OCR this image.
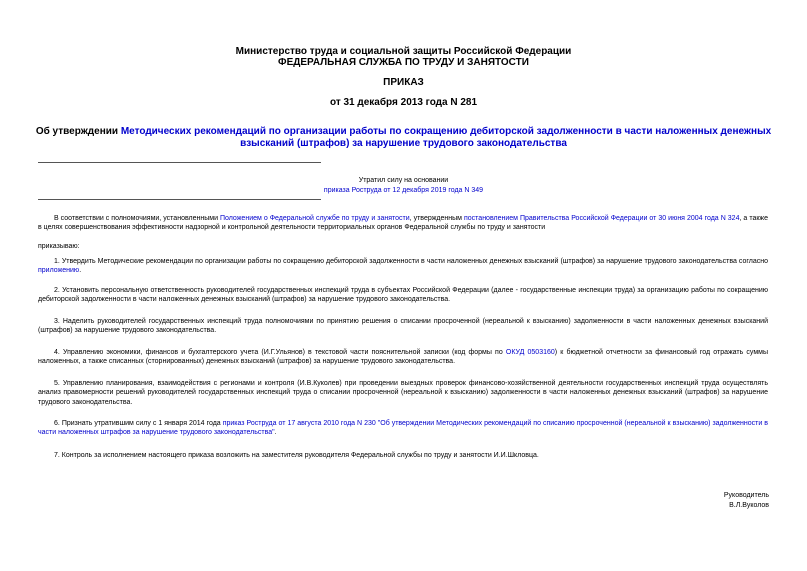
Министерство труда и социальной защиты Российской Федерации
ФЕДЕРАЛЬНАЯ СЛУЖБА ПО ТРУДУ И ЗАНЯТОСТИ
ПРИКАЗ
от 31 декабря 2013 года N 281
Об утверждении Методических рекомендаций по организации работы по сокращению дебиторской задолженности в части наложенных денежных взысканий (штрафов) за нарушение трудового законодательства
Утратил силу на основании
приказа Роструда от 12 декабря 2019 года N 349
В соответствии с полномочиями, установленными Положением о Федеральной службе по труду и занятости, утвержденным постановлением Правительства Российской Федерации от 30 июня 2004 года N 324, а также в целях совершенствования эффективности надзорной и контрольной деятельности территориальных органов Федеральной службы по труду и занятости
приказываю:
1. Утвердить Методические рекомендации по организации работы по сокращению дебиторской задолженности в части наложенных денежных взысканий (штрафов) за нарушение трудового законодательства согласно приложению.
2. Установить персональную ответственность руководителей государственных инспекций труда в субъектах Российской Федерации (далее - государственные инспекции труда) за организацию работы по сокращению дебиторской задолженности в части наложенных денежных взысканий (штрафов) за нарушение трудового законодательства.
3. Наделить руководителей государственных инспекций труда полномочиями по принятию решения о списании просроченной (нереальной к взысканию) задолженности в части наложенных денежных взысканий (штрафов) за нарушение трудового законодательства.
4. Управлению экономики, финансов и бухгалтерского учета (И.Г.Ульянов) в текстовой части пояснительной записки (код формы по ОКУД 0503160) к бюджетной отчетности за финансовый год отражать суммы наложенных, а также списанных (сторнированных) денежных взысканий (штрафов) за нарушение трудового законодательства.
5. Управлению планирования, взаимодействия с регионами и контроля (И.В.Куколев) при проведении выездных проверок финансово-хозяйственной деятельности государственных инспекций труда осуществлять анализ правомерности решений руководителей государственных инспекций труда о списании просроченной (нереальной к взысканию) задолженности в части наложенных денежных взысканий (штрафов) за нарушение трудового законодательства.
6. Признать утратившим силу с 1 января 2014 года приказ Роструда от 17 августа 2010 года N 230 "Об утверждении Методических рекомендаций по списанию просроченной (нереальной к взысканию) задолженности в части наложенных штрафов за нарушение трудового законодательства".
7. Контроль за исполнением настоящего приказа возложить на заместителя руководителя Федеральной службы по труду и занятости И.И.Шкловца.
Руководитель
В.Л.Вуколов
